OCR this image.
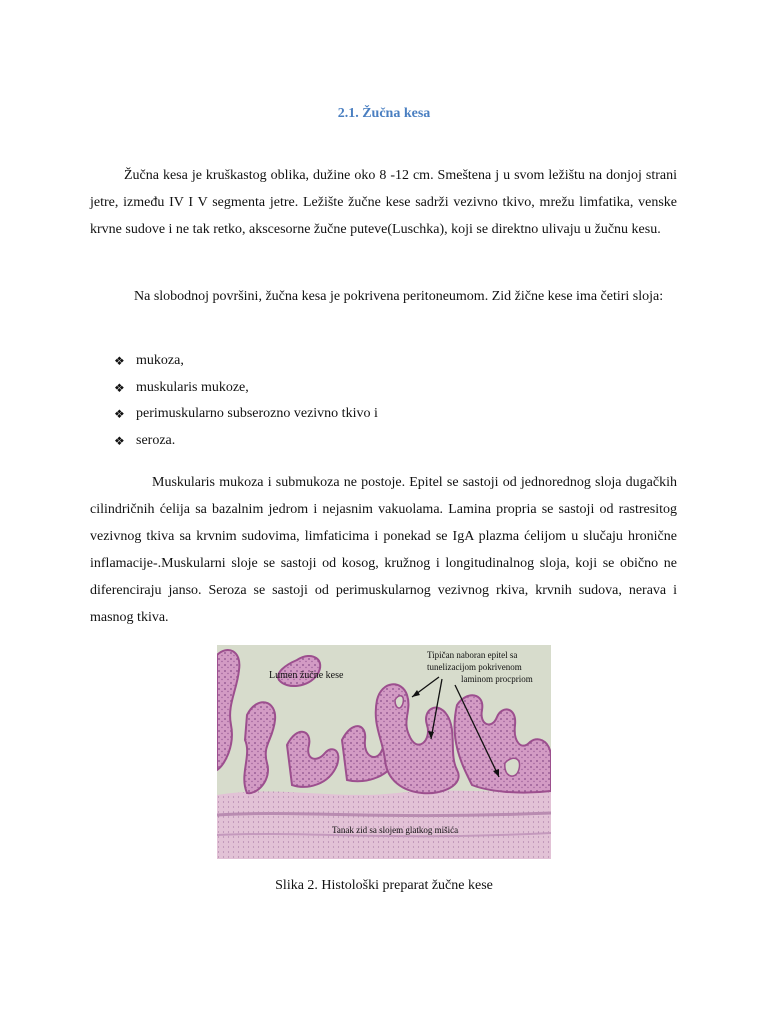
2.1. Žučna kesa

Žučna kesa je kruškastog oblika, dužine oko 8 -12 cm. Smeštena j u svom ležištu na donjoj strani jetre, između IV I V segmenta jetre. Ležište žučne kese sadrži vezivno tkivo, mrežu limfatika, venske krvne sudove i ne tak retko, akscesorne žučne puteve(Luschka), koji se direktno ulivaju u žučnu kesu.

Na slobodnoj površini, žučna kesa je pokrivena peritoneumom. Zid žične kese ima četiri sloja:

❖ mukoza,
❖ muskularis mukoze,
❖ perimuskularno subserozno vezivno tkivo i
❖ seroza.

Muskularis mukoza i submukoza ne postoje. Epitel se sastoji od jednorednog sloja dugačkih cilindričnih ćelija sa bazalnim jedrom i nejasnim vakuolama. Lamina propria se sastoji od rastresitog vezivnog tkiva sa krvnim sudovima, limfaticima i ponekad se IgA plazma ćelijom u slučaju hronične inflamacije-.Muskularni sloje se sastoji od kosog, kružnog i longitudinalnog sloja, koji se obično ne diferenciraju janso. Seroza se sastoji od perimuskularnog vezivnog rkiva, krvnih sudova, nerava i masnog tkiva.

Lumen žučne kese
Tipičan naboran epitel sa
tunelizacijom pokrivenom
laminom procpriom
Tanak zid sa slojem glatkog mišića
Slika 2. Histološki preparat žučne kese
